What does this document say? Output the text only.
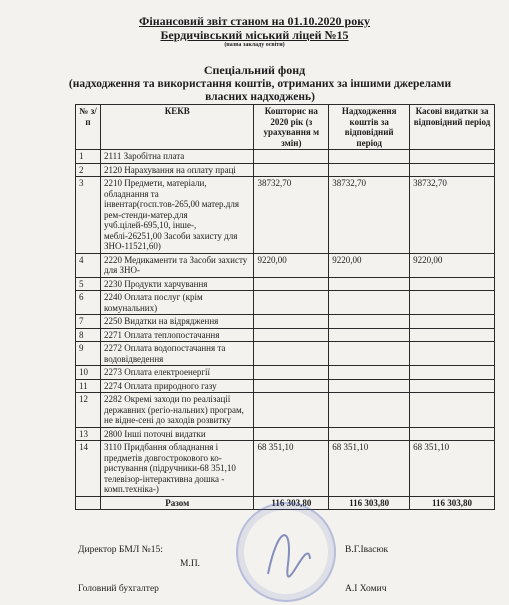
Фінансовий звіт станом на 01.10.2020 року
Бердичівський міський ліцей №15
(назва закладу освіти)
Спеціальний фонд
(надходження та використання коштів, отриманих за іншими джерелами власних надходжень)
№ з/п	КЕКВ	Кошторис на 2020 рік (з урахування м змін)	Надходження коштів за відповідний період	Касові видатки за відповідний період
1	2111 Заробітна плата			
2	2120 Нарахування на оплату праці			
3	2210 Предмети, матеріали, обладнання та інвентар(госп.тов-265,00 матер.для рем-стенди-матер.для учб.цілей-695,10, інше-, меблі-26251,00 Засоби захисту для ЗНО-11521,60)	38732,70	38732,70	38732,70
4	2220 Медикаменти та Засоби захисту для ЗНО-	9220,00	9220,00	9220,00
5	2230 Продукти харчування			
6	2240 Оплата послуг (крім комунальних)			
7	2250 Видатки на відрядження			
8	2271 Оплата теплопостачання			
9	2272 Оплата водопостачання та водовідведення			
10	2273 Оплата електроенергії			
11	2274 Оплата природного газу			
12	2282 Окремі заходи по реалізації державних (регіо-нальних) програм, не відне-сені до заходів розвитку			
13	2800 Інші поточні видатки			
14	3110 Придбання обладнання і предметів довгострокового ко-ристування (підручники-68 351,10 телевізор-інтерактивна дошка - комп.техніка-)	68 351,10	68 351,10	68 351,10
	Разом	116 303,80	116 303,80	116 303,80
Директор БМЛ №15:	В.Г.Івасюк
М.П.
Головний бухгалтер	А.І Хомич
